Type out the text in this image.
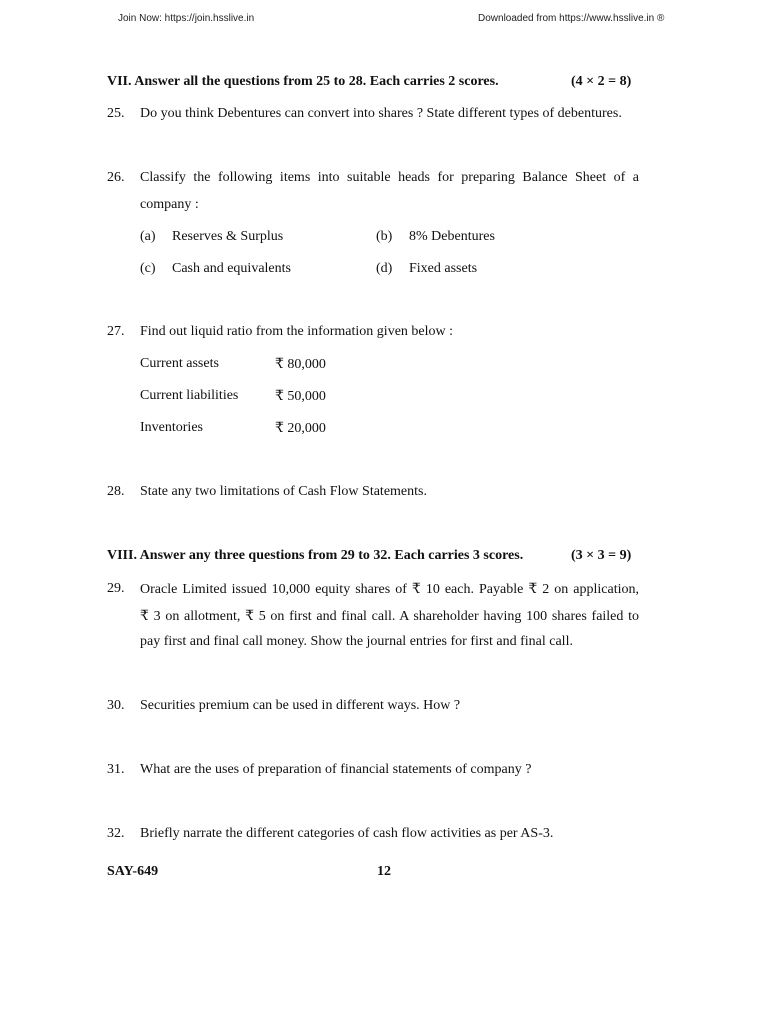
Join Now: https://join.hsslive.in	Downloaded from https://www.hsslive.in ®
VII. Answer all the questions from 25 to 28. Each carries 2 scores.	(4 × 2 = 8)
25. Do you think Debentures can convert into shares ? State different types of debentures.
26. Classify the following items into suitable heads for preparing Balance Sheet of a
company :
(a) Reserves & Surplus	(b) 8% Debentures
(c) Cash and equivalents	(d) Fixed assets
27. Find out liquid ratio from the information given below :
Current assets	₹ 80,000
Current liabilities	₹ 50,000
Inventories	₹ 20,000
28. State any two limitations of Cash Flow Statements.
VIII. Answer any three questions from 29 to 32. Each carries 3 scores.	(3 × 3 = 9)
29. Oracle Limited issued 10,000 equity shares of ₹ 10 each. Payable ₹ 2 on application,
₹ 3 on allotment, ₹ 5 on first and final call. A shareholder having 100 shares failed to
pay first and final call money. Show the journal entries for first and final call.
30. Securities premium can be used in different ways. How ?
31. What are the uses of preparation of financial statements of company ?
32. Briefly narrate the different categories of cash flow activities as per AS-3.
SAY-649	12
